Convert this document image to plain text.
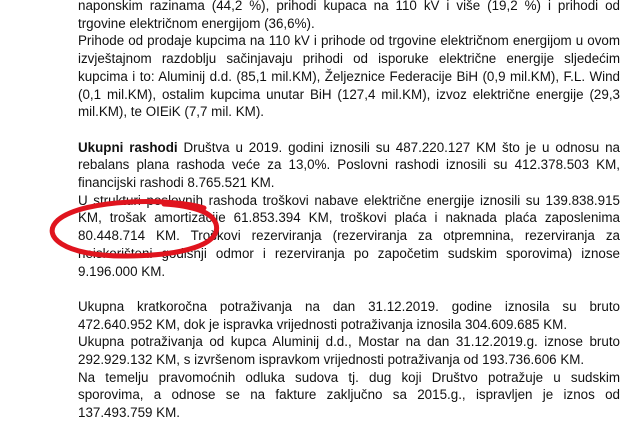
naponskim razinama (44,2 %), prihodi kupaca na 110 kV i više (19,2 %) i prihodi od
trgovine električnom energijom (36,6%).

Prihode od prodaje kupcima na 110 kV i prihode od trgovine električnom energijom u ovom
izvještajnom razdoblju sačinjavaju prihodi od isporuke električne energije sljedećim
kupcima i to: Aluminij d.d. (85,1 mil.KM), Željeznice Federacije BiH (0,9 mil.KM), F.L. Wind
(0,1 mil.KM), ostalim kupcima unutar BiH (127,4 mil.KM), izvoz električne energije (29,3
mil.KM), te OIEiK (7,7 mil. KM).

Ukupni rashodi Društva u 2019. godini iznosili su 487.220.127 KM što je u odnosu na
rebalans plana rashoda veće za 13,0%. Poslovni rashodi iznosili su 412.378.503 KM,
financijski rashodi 8.765.521 KM.

U strukturi poslovnih rashoda troškovi nabave električne energije iznosili su 139.838.915
KM, trošak amortizacije 61.853.394 KM, troškovi plaća i naknada plaća zaposlenima
80.448.714 KM. Troškovi rezerviranja (rezerviranja za otpremnina, rezerviranja za
neiskorišteni godišnji odmor i rezerviranja po započetim sudskim sporovima) iznose
9.196.000 KM.

Ukupna kratkoročna potraživanja na dan 31.12.2019. godine iznosila su bruto
472.640.952 KM, dok je ispravka vrijednosti potraživanja iznosila 304.609.685 KM.

Ukupna potraživanja od kupca Aluminij d.d., Mostar na dan 31.12.2019.g. iznose bruto
292.929.132 KM, s izvršenom ispravkom vrijednosti potraživanja od 193.736.606 KM.

Na temelju pravomoćnih odluka sudova tj. dug koji Društvo potražuje u sudskim
sporovima, a odnose se na fakture zaključno sa 2015.g., ispravljen je iznos od
137.493.759 KM.
